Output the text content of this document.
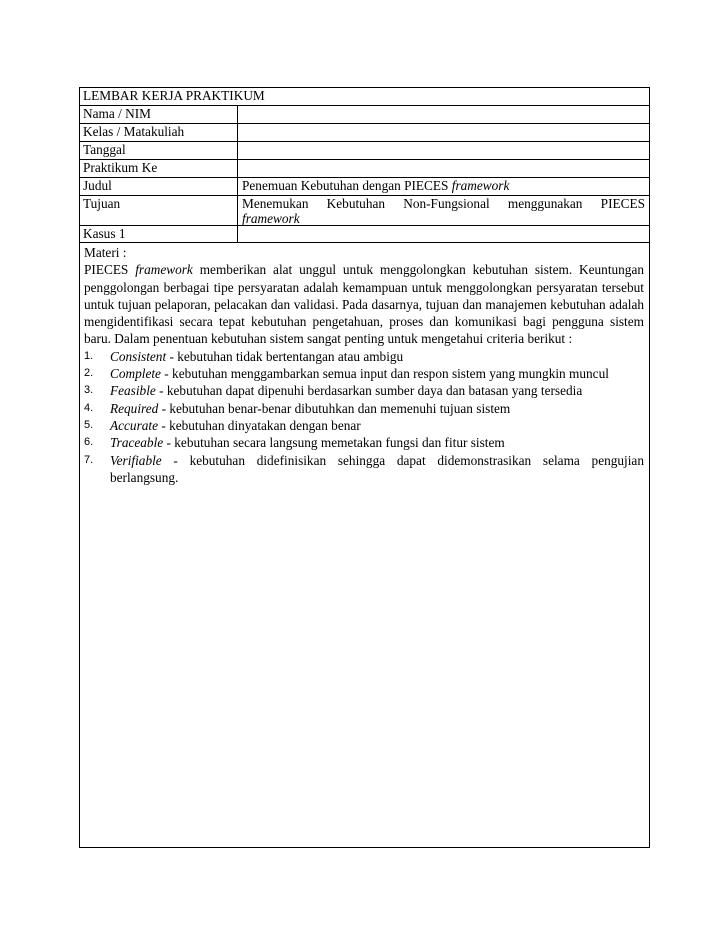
LEMBAR KERJA PRAKTIKUM
Nama / NIM
Kelas / Matakuliah
Tanggal
Praktikum Ke
Judul	Penemuan Kebutuhan dengan PIECES framework
Tujuan	Menemukan Kebutuhan Non-Fungsional menggunakan PIECES framework
Kasus 1

Materi :

PIECES framework memberikan alat unggul untuk menggolongkan kebutuhan sistem. Keuntungan penggolongan berbagai tipe persyaratan adalah kemampuan untuk menggolongkan persyaratan tersebut untuk tujuan pelaporan, pelacakan dan validasi. Pada dasarnya, tujuan dan manajemen kebutuhan adalah mengidentifikasi secara tepat kebutuhan pengetahuan, proses dan komunikasi bagi pengguna sistem baru. Dalam penentuan kebutuhan sistem sangat penting untuk mengetahui criteria berikut :

1. Consistent - kebutuhan tidak bertentangan atau ambigu
2. Complete - kebutuhan menggambarkan semua input dan respon sistem yang mungkin muncul
3. Feasible - kebutuhan dapat dipenuhi berdasarkan sumber daya dan batasan yang tersedia
4. Required - kebutuhan benar-benar dibutuhkan dan memenuhi tujuan sistem
5. Accurate - kebutuhan dinyatakan dengan benar
6. Traceable - kebutuhan secara langsung memetakan fungsi dan fitur sistem
7. Verifiable - kebutuhan didefinisikan sehingga dapat didemonstrasikan selama pengujian berlangsung.
